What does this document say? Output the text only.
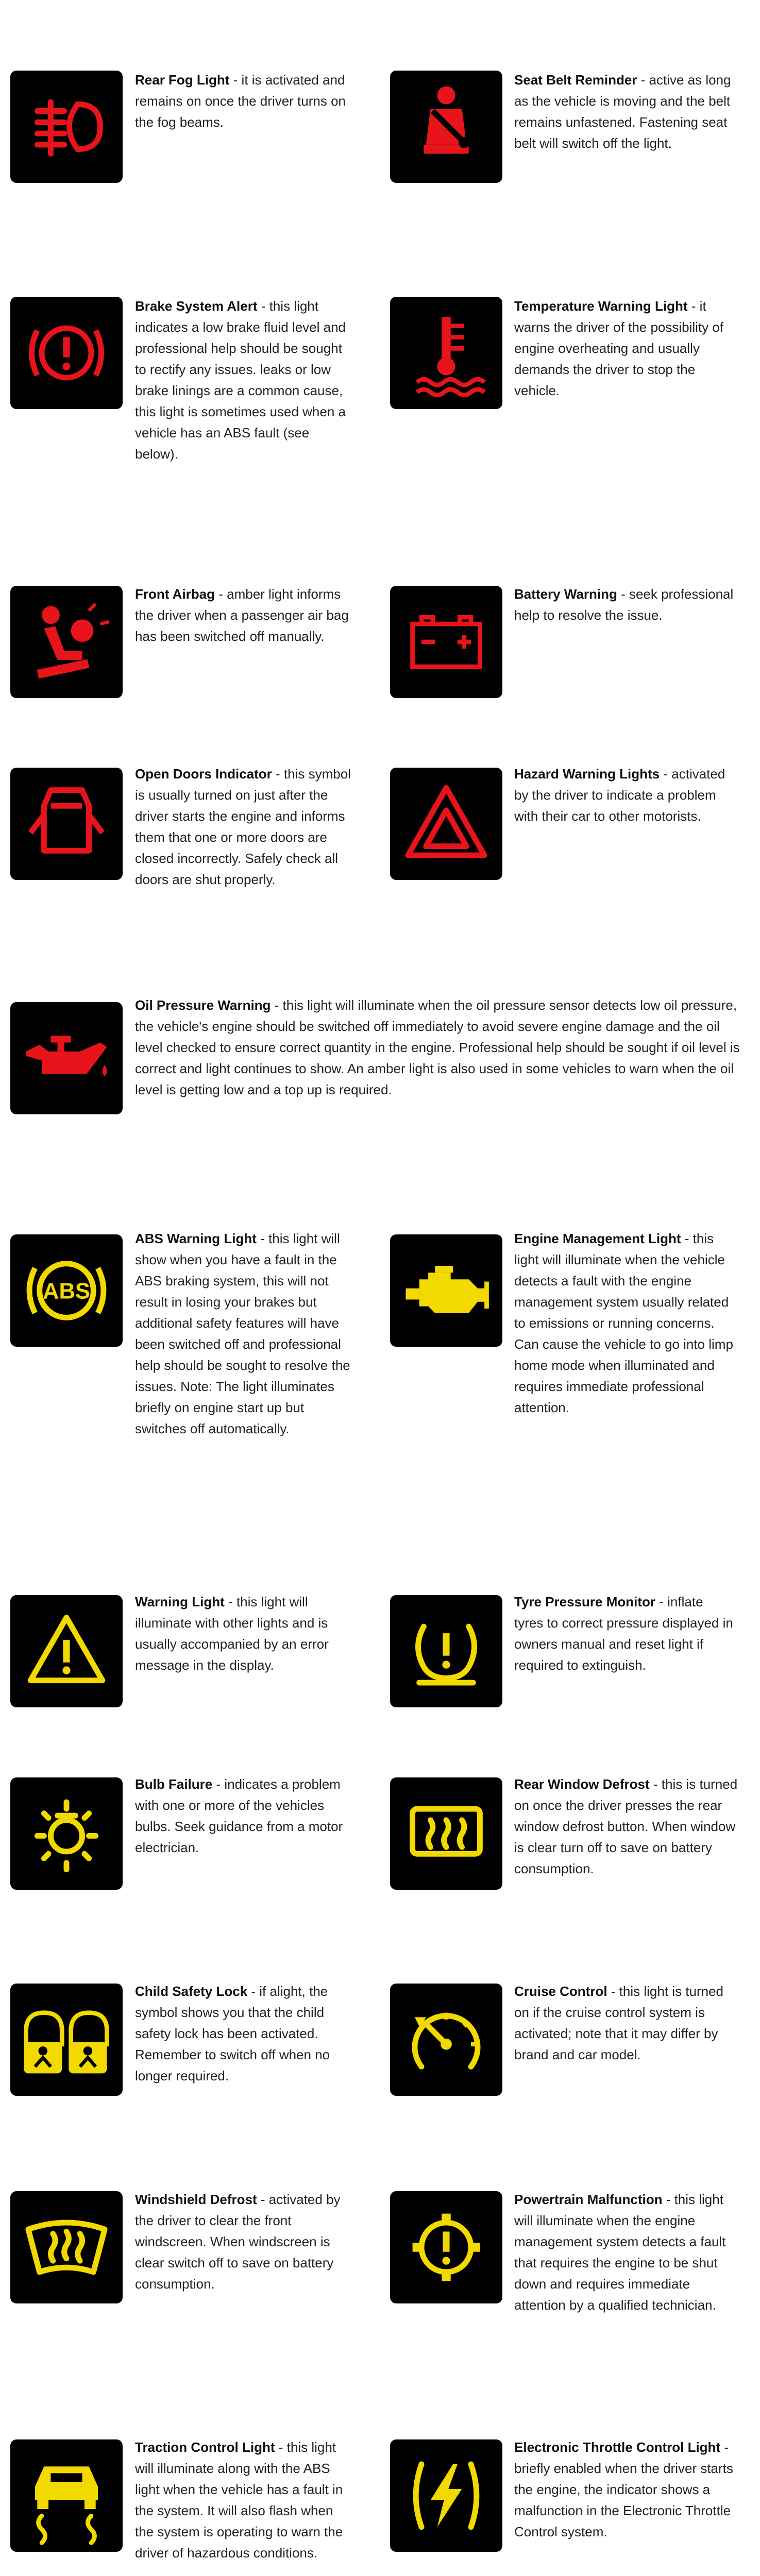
Rear Fog Light - it is activated and remains on once the driver turns on the fog beams.
Seat Belt Reminder - active as long as the vehicle is moving and the belt remains unfastened. Fastening seat belt will switch off the light.
Brake System Alert - this light indicates a low brake fluid level and professional help should be sought to rectify any issues. leaks or low brake linings are a common cause, this light is sometimes used when a vehicle has an ABS fault (see below).
Temperature Warning Light - it warns the driver of the possibility of engine overheating and usually demands the driver to stop the vehicle.
Front Airbag - amber light informs the driver when a passenger air bag has been switched off manually.
Battery Warning - seek professional help to resolve the issue.
Open Doors Indicator - this symbol is usually turned on just after the driver starts the engine and informs them that one or more doors are closed incorrectly. Safely check all doors are shut properly.
Hazard Warning Lights - activated by the driver to indicate a problem with their car to other motorists.
Oil Pressure Warning - this light will illuminate when the oil pressure sensor detects low oil pressure, the vehicle's engine should be switched off immediately to avoid severe engine damage and the oil level checked to ensure correct quantity in the engine. Professional help should be sought if oil level is correct and light continues to show. An amber light is also used in some vehicles to warn when the oil level is getting low and a top up is required.
ABS
ABS Warning Light - this light will show when you have a fault in the ABS braking system, this will not result in losing your brakes but additional safety features will have been switched off and professional help should be sought to resolve the issues. Note: The light illuminates briefly on engine start up but switches off automatically.
Engine Management Light - this light will illuminate when the vehicle detects a fault with the engine management system usually related to emissions or running concerns. Can cause the vehicle to go into limp home mode when illuminated and requires immediate professional attention.
Warning Light - this light will illuminate with other lights and is usually accompanied by an error message in the display.
Tyre Pressure Monitor - inflate tyres to correct pressure displayed in owners manual and reset light if required to extinguish.
Bulb Failure - indicates a problem with one or more of the vehicles bulbs. Seek guidance from a motor electrician.
Rear Window Defrost - this is turned on once the driver presses the rear window defrost button. When window is clear turn off to save on battery consumption.
Child Safety Lock - if alight, the symbol shows you that the child safety lock has been activated. Remember to switch off when no longer required.
Cruise Control - this light is turned on if the cruise control system is activated; note that it may differ by brand and car model.
Windshield Defrost - activated by the driver to clear the front windscreen. When windscreen is clear switch off to save on battery consumption.
Powertrain Malfunction - this light will illuminate when the engine management system detects a fault that requires the engine to be shut down and requires immediate attention by a qualified technician.
Traction Control Light - this light will illuminate along with the ABS light when the vehicle has a fault in the system. It will also flash when the system is operating to warn the driver of hazardous conditions.
Electronic Throttle Control Light - briefly enabled when the driver starts the engine, the indicator shows a malfunction in the Electronic Throttle Control system.
